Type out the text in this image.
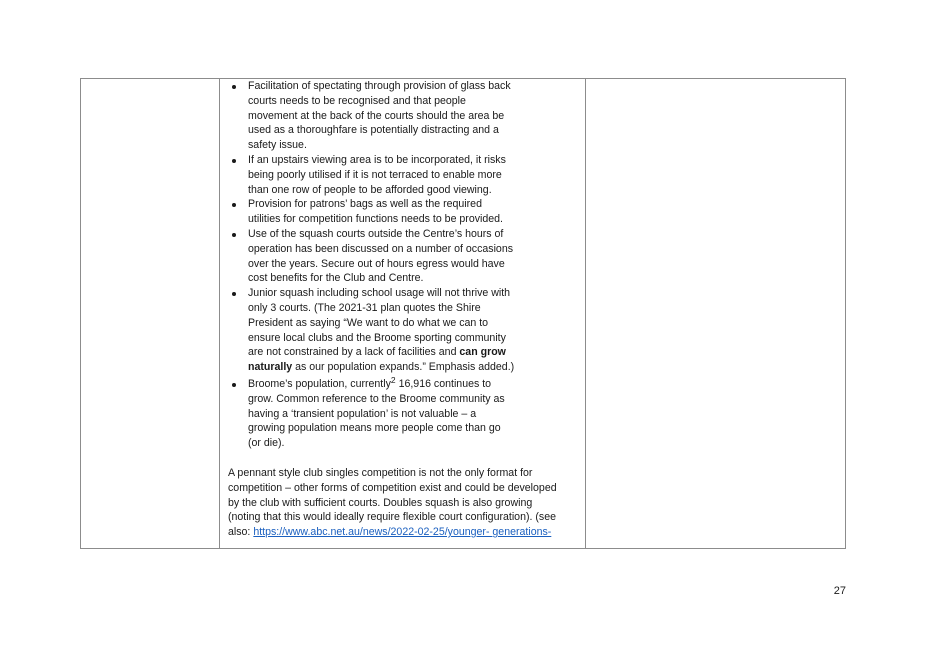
Facilitation of spectating through provision of glass back
courts needs to be recognised and that people
movement at the back of the courts should the area be
used as a thoroughfare is potentially distracting and a
safety issue.
If an upstairs viewing area is to be incorporated, it risks
being poorly utilised if it is not terraced to enable more
than one row of people to be afforded good viewing.
Provision for patrons’ bags as well as the required
utilities for competition functions needs to be provided.
Use of the squash courts outside the Centre’s hours of
operation has been discussed on a number of occasions
over the years. Secure out of hours egress would have
cost benefits for the Club and Centre.
Junior squash including school usage will not thrive with
only 3 courts. (The 2021-31 plan quotes the Shire
President as saying “We want to do what we can to
ensure local clubs and the Broome sporting community
are not constrained by a lack of facilities and can grow
naturally as our population expands.” Emphasis added.)
Broome’s population, currently$^2$ 16,916 continues to
grow. Common reference to the Broome community as
having a ‘transient population’ is not valuable – a
growing population means more people come than go
(or die).
A pennant style club singles competition is not the only format for
competition – other forms of competition exist and could be developed
by the club with sufficient courts. Doubles squash is also growing
(noting that this would ideally require flexible court configuration). (see
also: https://www.abc.net.au/news/2022-02-25/younger- generations-
27
